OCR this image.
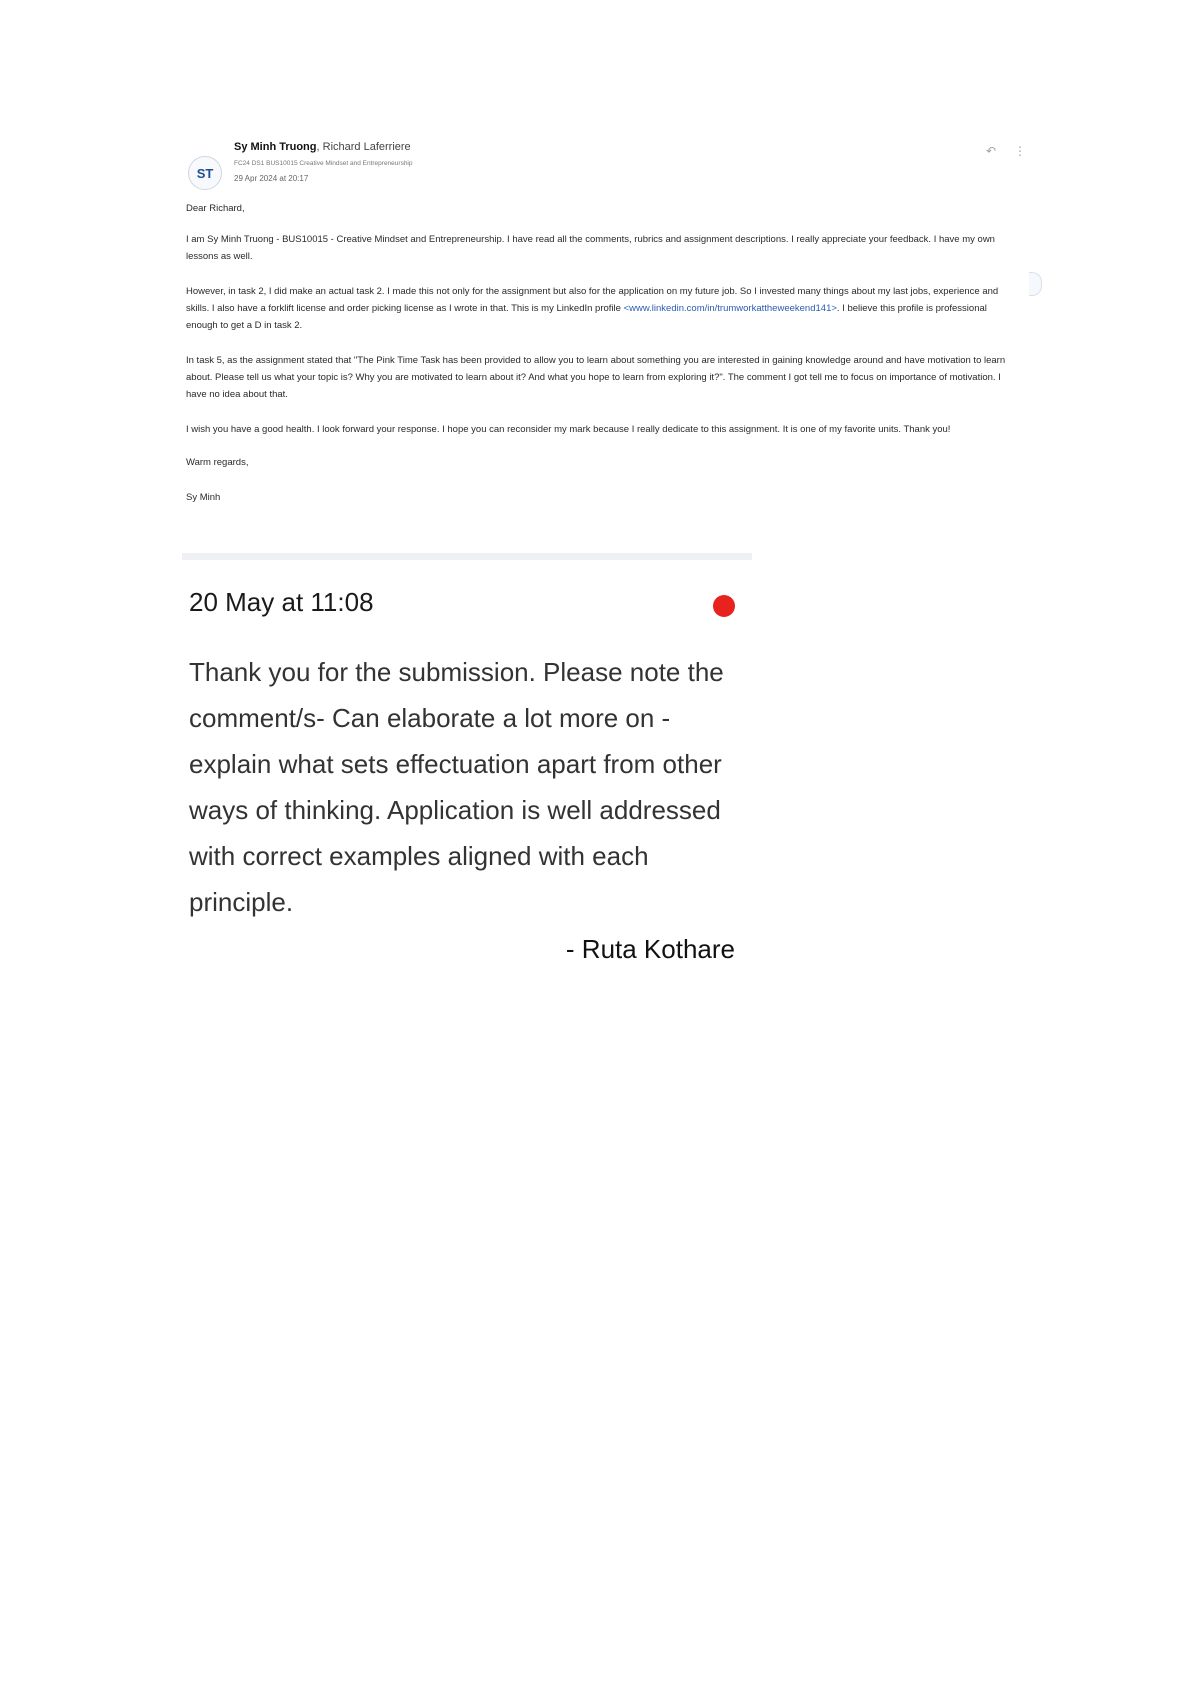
ST
Sy Minh Truong, Richard Laferriere
FC24 DS1 BUS10015 Creative Mindset and Entrepreneurship
29 Apr 2024 at 20:17
↶ ⋮

Dear Richard,

I am Sy Minh Truong - BUS10015 - Creative Mindset and Entrepreneurship. I have read all the comments, rubrics and assignment descriptions. I really appreciate your feedback. I have my own lessons as well.

However, in task 2, I did make an actual task 2. I made this not only for the assignment but also for the application on my future job. So I invested many things about my last jobs, experience and skills. I also have a forklift license and order picking license as I wrote in that. This is my LinkedIn profile <www.linkedin.com/in/trumworkattheweekend141>. I believe this profile is professional enough to get a D in task 2.

In task 5, as the assignment stated that "The Pink Time Task has been provided to allow you to learn about something you are interested in gaining knowledge around and have motivation to learn about. Please tell us what your topic is? Why you are motivated to learn about it? And what you hope to learn from exploring it?". The comment I got tell me to focus on importance of motivation. I have no idea about that.

I wish you have a good health. I look forward your response. I hope you can reconsider my mark because I really dedicate to this assignment. It is one of my favorite units. Thank you!

Warm regards,

Sy Minh

20 May at 11:08
Thank you for the submission. Please note the comment/s- Can elaborate a lot more on - explain what sets effectuation apart from other ways of thinking. Application is well addressed with correct examples aligned with each principle.
- Ruta Kothare
